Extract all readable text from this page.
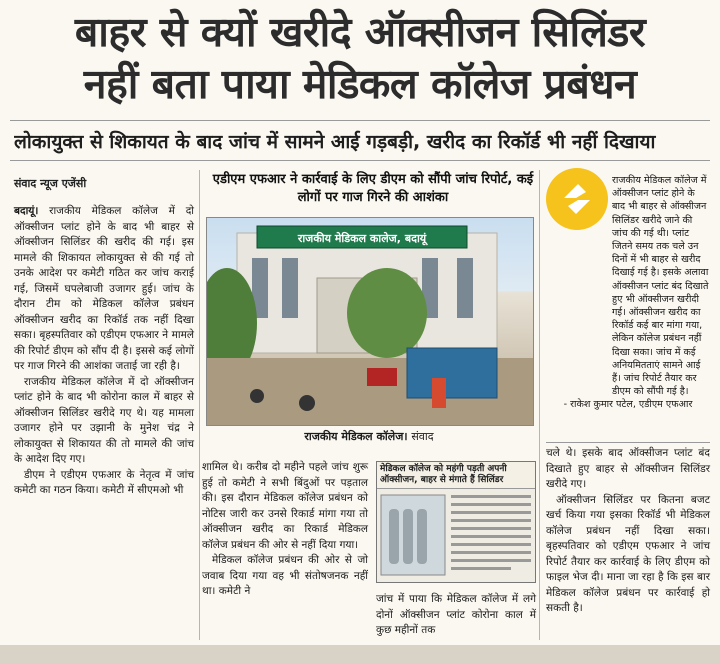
बाहर से क्यों खरीदे ऑक्सीजन सिलिंडर
नहीं बता पाया मेडिकल कॉलेज प्रबंधन
लोकायुक्त से शिकायत के बाद जांच में सामने आई गड़बड़ी, खरीद का रिकॉर्ड भी नहीं दिखाया
संवाद न्यूज एजेंसी

बदायूं। राजकीय मेडिकल कॉलेज में दो ऑक्सीजन प्लांट होने के बाद भी बाहर से ऑक्सीजन सिलिंडर की खरीद की गई। इस मामले की शिकायत लोकायुक्त से की गई तो उनके आदेश पर कमेटी गठित कर जांच कराई गई, जिसमें घपलेबाजी उजागर हुई। जांच के दौरान टीम को मेडिकल कॉलेज प्रबंधन ऑक्सीजन खरीद का रिकॉर्ड तक नहीं दिखा सका। बृहस्पतिवार को एडीएम एफआर ने मामले की रिपोर्ट डीएम को सौंप दी है। इससे कई लोगों पर गाज गिरने की आशंका जताई जा रही है।

राजकीय मेडिकल कॉलेज में दो ऑक्सीजन प्लांट होने के बाद भी कोरोना काल में बाहर से ऑक्सीजन सिलिंडर खरीदे गए थे। यह मामला उजागर होने पर उझानी के मुनेश चंद्र ने लोकायुक्त से शिकायत की तो मामले की जांच के आदेश दिए गए।

डीएम ने एडीएम एफआर के नेतृत्व में जांच कमेटी का गठन किया। कमेटी में सीएमओ भी

एडीएम एफआर ने कार्रवाई के लिए डीएम को सौंपी जांच रिपोर्ट, कई लोगों पर गाज गिरने की आशंका
राजकीय मेडिकल कालेज, बदायूं
राजकीय मेडिकल कॉलेज। संवाद

शामिल थे। करीब दो महीने पहले जांच शुरू हुई तो कमेटी ने सभी बिंदुओं पर पड़ताल की। इस दौरान मेडिकल कॉलेज प्रबंधन को नोटिस जारी कर उनसे रिकार्ड मांगा गया तो ऑक्सीजन खरीद का रिकार्ड मेडिकल कॉलेज प्रबंधन की ओर से नहीं दिया गया।

मेडिकल कॉलेज प्रबंधन की ओर से जो जवाब दिया गया वह भी संतोषजनक नहीं था। कमेटी ने

मेडिकल कॉलेज को महंगी पड़ती अपनी ऑक्सीजन, बाहर से मंगाते हैं सिलिंडर

जांच में पाया कि मेडिकल कॉलेज में लगे दोनों ऑक्सीजन प्लांट कोरोना काल में कुछ महीनों तक

राजकीय मेडिकल कॉलेज में ऑक्सीजन प्लांट होने के बाद भी बाहर से ऑक्सीजन सिलिंडर खरीदे जाने की जांच की गई थी। प्लांट जितने समय तक चले उन दिनों में भी बाहर से खरीद दिखाई गई है। इसके अलावा ऑक्सीजन प्लांट बंद दिखाते हुए भी ऑक्सीजन खरीदी गई। ऑक्सीजन खरीद का रिकॉर्ड कई बार मांगा गया, लेकिन कॉलेज प्रबंधन नहीं दिखा सका। जांच में कई अनियमितताएं सामने आई हैं। जांच रिपोर्ट तैयार कर डीएम को सौंपी गई है।
- राकेश कुमार पटेल, एडीएम एफआर

चले थे। इसके बाद ऑक्सीजन प्लांट बंद दिखाते हुए बाहर से ऑक्सीजन सिलिंडर खरीदे गए।

ऑक्सीजन सिलिंडर पर कितना बजट खर्च किया गया इसका रिकॉर्ड भी मेडिकल कॉलेज प्रबंधन नहीं दिखा सका। बृहस्पतिवार को एडीएम एफआर ने जांच रिपोर्ट तैयार कर कार्रवाई के लिए डीएम को फाइल भेज दी। माना जा रहा है कि इस बार मेडिकल कॉलेज प्रबंधन पर कार्रवाई हो सकती है।
